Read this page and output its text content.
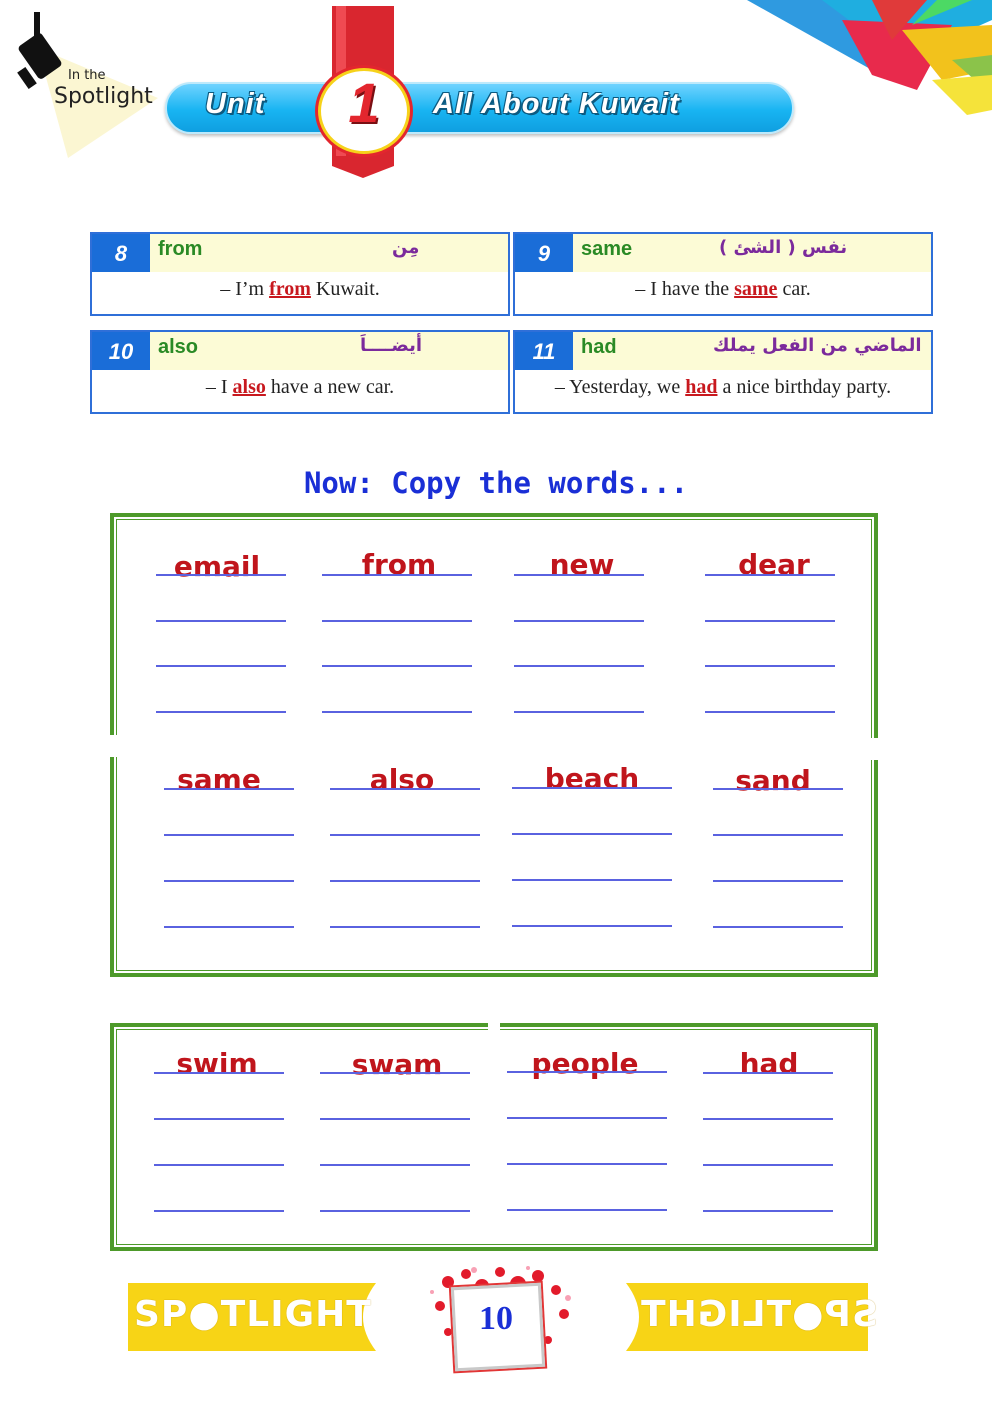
In the
Spotlight Unit	1	All About Kuwait
8	from	مِن
– I’m from Kuwait.
9	same	نفس ( الشئ )
– I have the same car.
10	also	أيضــــاَ
– I also have a new car.
11	had	الماضي من الفعل يملك
– Yesterday, we had a nice birthday party.
Now: Copy the words...
email	from	new	dear
same	also	beach	sand
swim	swam	people	had
SP●TLIGHT	SP●TLIGHT
10
